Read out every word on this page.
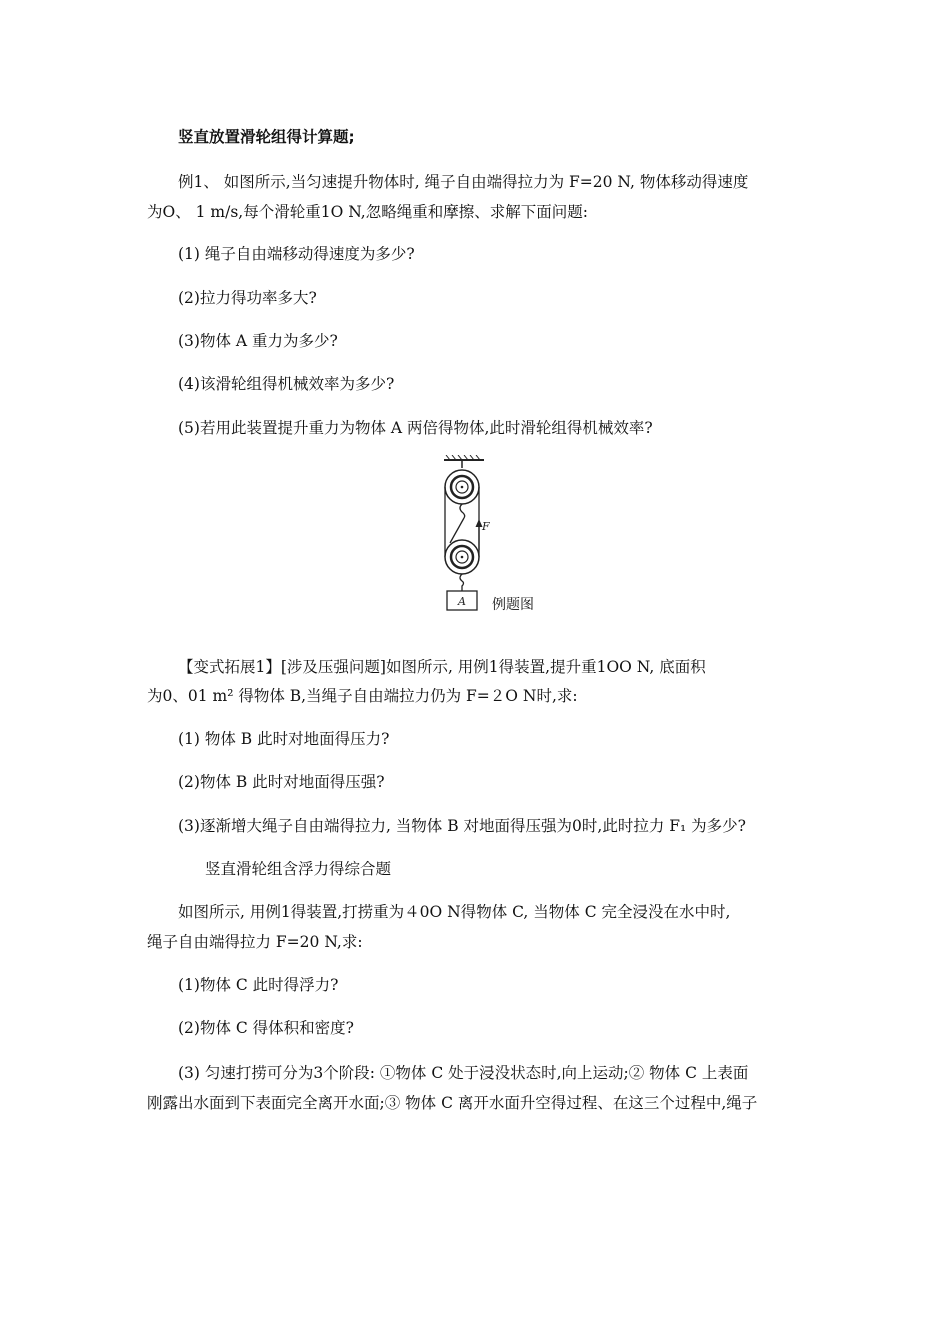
竖直放置滑轮组得计算题;
例1、 如图所示,当匀速提升物体时, 绳子自由端得拉力为 F=20 N, 物体移动得速度
为O、 1 m/s,每个滑轮重1O N,忽略绳重和摩擦、求解下面问题:
(1) 绳子自由端移动得速度为多少?
(2)拉力得功率多大?
(3)物体 A 重力为多少?
(4)该滑轮组得机械效率为多少?
(5)若用此装置提升重力为物体 A 两倍得物体,此时滑轮组得机械效率?
F
A 例题图
【变式拓展1】[涉及压强问题]如图所示, 用例1得装置,提升重1OO N, 底面积
为0、01 m² 得物体 B,当绳子自由端拉力仍为 F=２O N时,求:
(1) 物体 B 此时对地面得压力?
(2)物体 B 此时对地面得压强?
(3)逐渐增大绳子自由端得拉力, 当物体 B 对地面得压强为0时,此时拉力 F₁ 为多少?
竖直滑轮组含浮力得综合题
如图所示, 用例1得装置,打捞重为４0O N得物体 C, 当物体 C 完全浸没在水中时,
绳子自由端得拉力 F=20 N,求:
(1)物体 C 此时得浮力?
(2)物体 C 得体积和密度?
(3) 匀速打捞可分为3个阶段: ①物体 C 处于浸没状态时,向上运动;② 物体 C 上表面
刚露出水面到下表面完全离开水面;③ 物体 C 离开水面升空得过程、在这三个过程中,绳子
